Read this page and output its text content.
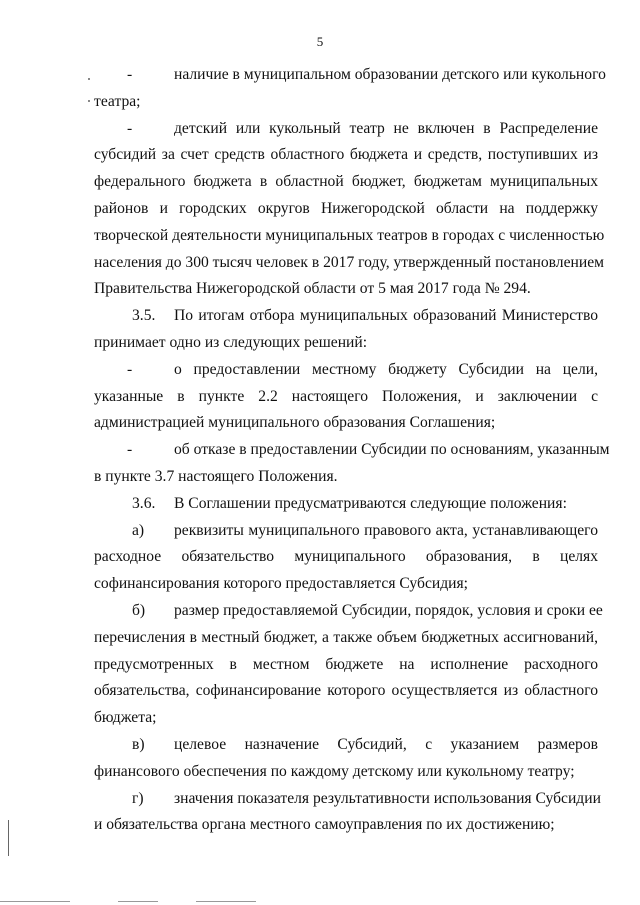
5
-	наличие в муниципальном образовании детского или кукольного
театра;
-	детский или кукольный театр не включен в Распределение
субсидий за счет средств областного бюджета и средств, поступивших из
федерального бюджета в областной бюджет, бюджетам муниципальных
районов и городских округов Нижегородской области на поддержку
творческой деятельности муниципальных театров в городах с численностью
населения до 300 тысяч человек в 2017 году, утвержденный постановлением
Правительства Нижегородской области от 5 мая 2017 года № 294.
3.5.	По итогам отбора муниципальных образований Министерство
принимает одно из следующих решений:
-	о предоставлении местному бюджету Субсидии на цели,
указанные в пункте 2.2 настоящего Положения, и заключении с
администрацией муниципального образования Соглашения;
-	об отказе в предоставлении Субсидии по основаниям, указанным
в пункте 3.7 настоящего Положения.
3.6.	В Соглашении предусматриваются следующие положения:
а)	реквизиты муниципального правового акта, устанавливающего
расходное обязательство муниципального образования, в целях
софинансирования которого предоставляется Субсидия;
б)	размер предоставляемой Субсидии, порядок, условия и сроки ее
перечисления в местный бюджет, а также объем бюджетных ассигнований,
предусмотренных в местном бюджете на исполнение расходного
обязательства, софинансирование которого осуществляется из областного
бюджета;
в)	целевое назначение Субсидий, с указанием размеров
финансового обеспечения по каждому детскому или кукольному театру;
г)	значения показателя результативности использования Субсидии
и обязательства органа местного самоуправления по их достижению;
